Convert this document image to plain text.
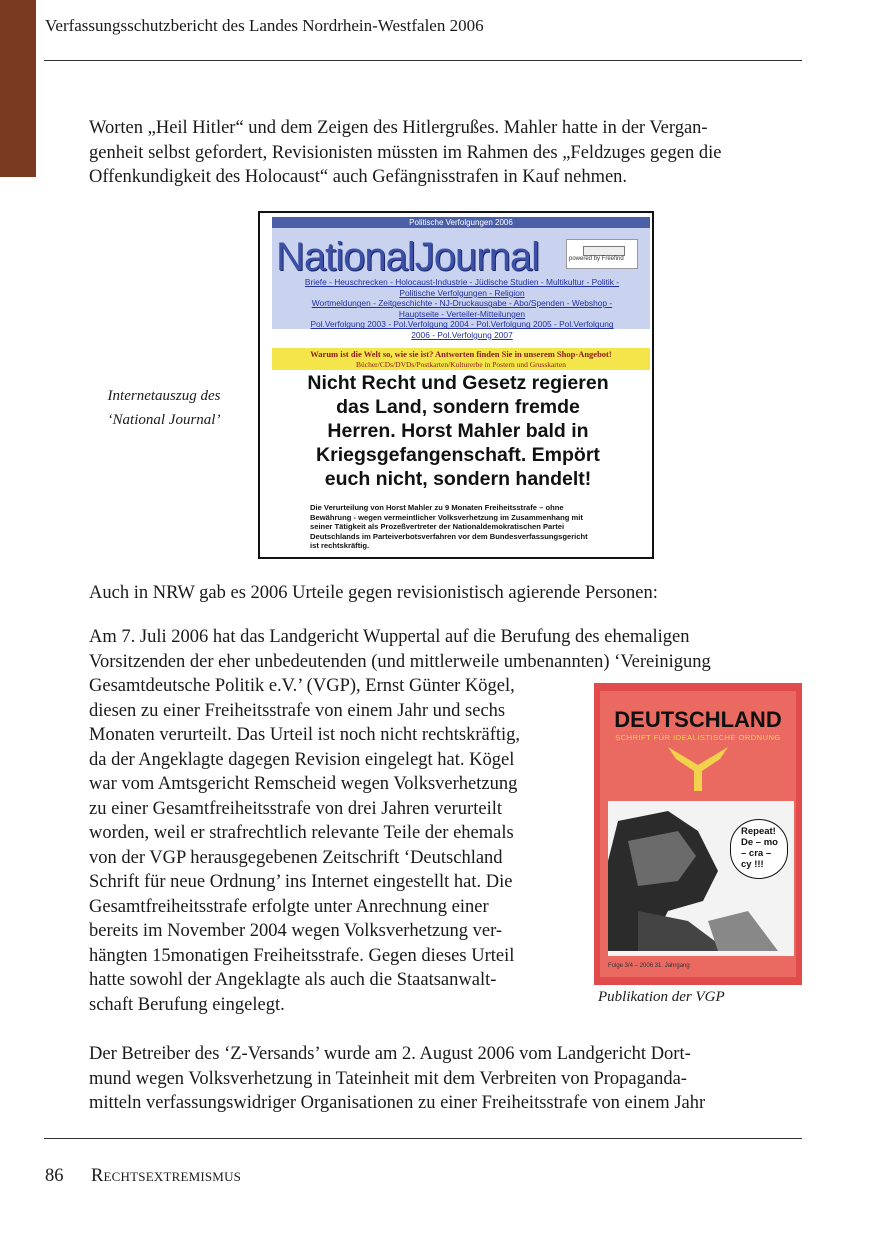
Verfassungsschutzbericht des Landes Nordrhein-Westfalen 2006
Worten „Heil Hitler“ und dem Zeigen des Hitlergrußes. Mahler hatte in der Vergan-
genheit selbst gefordert, Revisionisten müssten im Rahmen des „Feldzuges gegen die
Offenkundigkeit des Holocaust“ auch Gefängnisstrafen in Kauf nehmen.
Internetauszug des
‘National Journal’
Politische Verfolgungen 2006
NationalJournal	powered by Freefind
Briefe - Heuschrecken - Holocaust-Industrie - Jüdische Studien - Multikultur - Politik -
Politische Verfolgungen - Religion
Wortmeldungen - Zeitgeschichte - NJ-Druckausgabe - Abo/Spenden - Webshop -
Hauptseite - Verteiler-Mitteilungen
Pol.Verfolgung 2003 - Pol.Verfolgung 2004 - Pol.Verfolgung 2005 - Pol.Verfolgung
2006 - Pol.Verfolgung 2007
Warum ist die Welt so, wie sie ist? Antworten finden Sie in unserem Shop-Angebot!
Bücher/CDs/DVDs/Postkarten/Kulturerbe in Postern und Grusskarten
Nicht Recht und Gesetz regieren
das Land, sondern fremde
Herren. Horst Mahler bald in
Kriegsgefangenschaft. Empört
euch nicht, sondern handelt!
Die Verurteilung von Horst Mahler zu 9 Monaten Freiheitsstrafe – ohne
Bewährung - wegen vermeintlicher Volksverhetzung im Zusammenhang mit
seiner Tätigkeit als Prozeßvertreter der Nationaldemokratischen Partei
Deutschlands im Parteiverbotsverfahren vor dem Bundesverfassungsgericht
ist rechtskräftig.
Auch in NRW gab es 2006 Urteile gegen revisionistisch agierende Personen:
Am 7. Juli 2006 hat das Landgericht Wuppertal auf die Berufung des ehemaligen
Vorsitzenden der eher unbedeutenden (und mittlerweile umbenannten) ‘Vereinigung
Gesamtdeutsche Politik e.V.’ (VGP), Ernst Günter Kögel,
diesen zu einer Freiheitsstrafe von einem Jahr und sechs
Monaten verurteilt. Das Urteil ist noch nicht rechtskräftig,
da der Angeklagte dagegen Revision eingelegt hat. Kögel
war vom Amtsgericht Remscheid wegen Volksverhetzung
zu einer Gesamtfreiheitsstrafe von drei Jahren verurteilt
worden, weil er strafrechtlich relevante Teile der ehemals
von der VGP herausgegebenen Zeitschrift ‘Deutschland
Schrift für neue Ordnung’ ins Internet eingestellt hat. Die
Gesamtfreiheitsstrafe erfolgte unter Anrechnung einer
bereits im November 2004 wegen Volksverhetzung ver-
hängten 15monatigen Freiheitsstrafe. Gegen dieses Urteil
hatte sowohl der Angeklagte als auch die Staatsanwalt-
schaft Berufung eingelegt.
DEUTSCHLAND
SCHRIFT FÜR IDEALISTISCHE ORDNUNG
Repeat!
De – mo
– cra –
cy !!!
Folge 3/4 – 2006 31. Jahrgang
Publikation der VGP
Der Betreiber des ‘Z-Versands’ wurde am 2. August 2006 vom Landgericht Dort-
mund wegen Volksverhetzung in Tateinheit mit dem Verbreiten von Propaganda-
mitteln verfassungswidriger Organisationen zu einer Freiheitsstrafe von einem Jahr
86 Rechtsextremismus
